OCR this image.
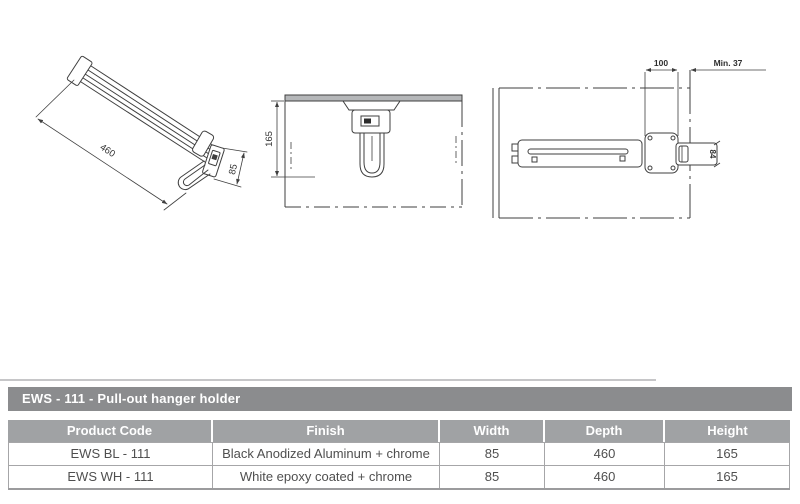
460
85
165
100	Min. 37
84
EWS - 111 - Pull-out hanger holder
Product Code	Finish	Width	Depth	Height
EWS BL - 111	Black Anodized Aluminum + chrome	85	460	165
EWS WH - 111	White epoxy coated + chrome	85	460	165
